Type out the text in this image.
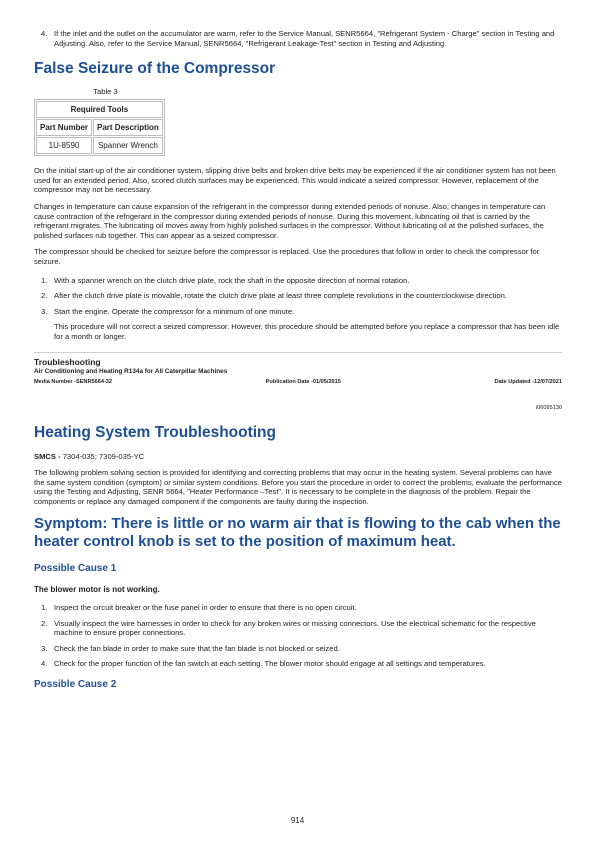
4. If the inlet and the outlet on the accumulator are warm, refer to the Service Manual, SENR5664, "Refrigerant System - Charge" section in Testing and Adjusting. Also, refer to the Service Manual, SENR5664, "Refrigerant Leakage-Test" section in Testing and Adjusting.
False Seizure of the Compressor
Table 3
Required Tools	
Part Number	Part Description
1U-8590	Spanner Wrench

On the initial start-up of the air conditioner system, slipping drive belts and broken drive belts may be experienced if the air conditioner system has not been used for an extended period. Also, scored clutch surfaces may be experienced. This would indicate a seized compressor. However, replacement of the compressor may not be necessary.

Changes in temperature can cause expansion of the refrigerant in the compressor during extended periods of nonuse. Also, changes in temperature can cause contraction of the refrigerant in the compressor during extended periods of nonuse. During this movement, lubricating oil that is carried by the refrigerant migrates. The lubricating oil moves away from highly polished surfaces in the compressor. Without lubricating oil at the polished surfaces, the polished surfaces rub together. This can appear as a seized compressor.

The compressor should be checked for seizure before the compressor is replaced. Use the procedures that follow in order to check the compressor for seizure.

1. With a spanner wrench on the clutch drive plate, rock the shaft in the opposite direction of normal rotation.
2. After the clutch drive plate is movable, rotate the clutch drive plate at least three complete revolutions in the counterclockwise direction.
3. Start the engine. Operate the compressor for a minimum of one minute.

This procedure will not correct a seized compressor. However, this procedure should be attempted before you replace a compressor that has been idle for a month or longer.

Troubleshooting
Air Conditioning and Heating R134a for All Caterpillar Machines
Media Number -SENR5664-32	Publication Date -01/05/2015	Date Updated -12/07/2021
i06095130
Heating System Troubleshooting

SMCS - 7304-035; 7309-035-YC

The following problem solving section is provided for identifying and correcting problems that may occur in the heating system. Several problems can have the same system condition (symptom) or similar system conditions. Before you start the procedure in order to correct the problems, evaluate the performance using the Testing and Adjusting, SENR 5664, "Heater Performance –Test". It is necessary to be complete in the diagnosis of the problem. Repair the components or replace any damaged component if the components are faulty during the inspection.

Symptom: There is little or no warm air that is flowing to the cab when the heater control knob is set to the position of maximum heat.
Possible Cause 1

The blower motor is not working.

1. Inspect the circuit breaker or the fuse panel in order to ensure that there is no open circuit.
2. Visually inspect the wire harnesses in order to check for any broken wires or missing connectors. Use the electrical schematic for the respective machine to ensure proper connections.
3. Check the fan blade in order to make sure that the fan blade is not blocked or seized.
4. Check for the proper function of the fan switch at each setting. The blower motor should engage at all settings and temperatures.
Possible Cause 2
914
